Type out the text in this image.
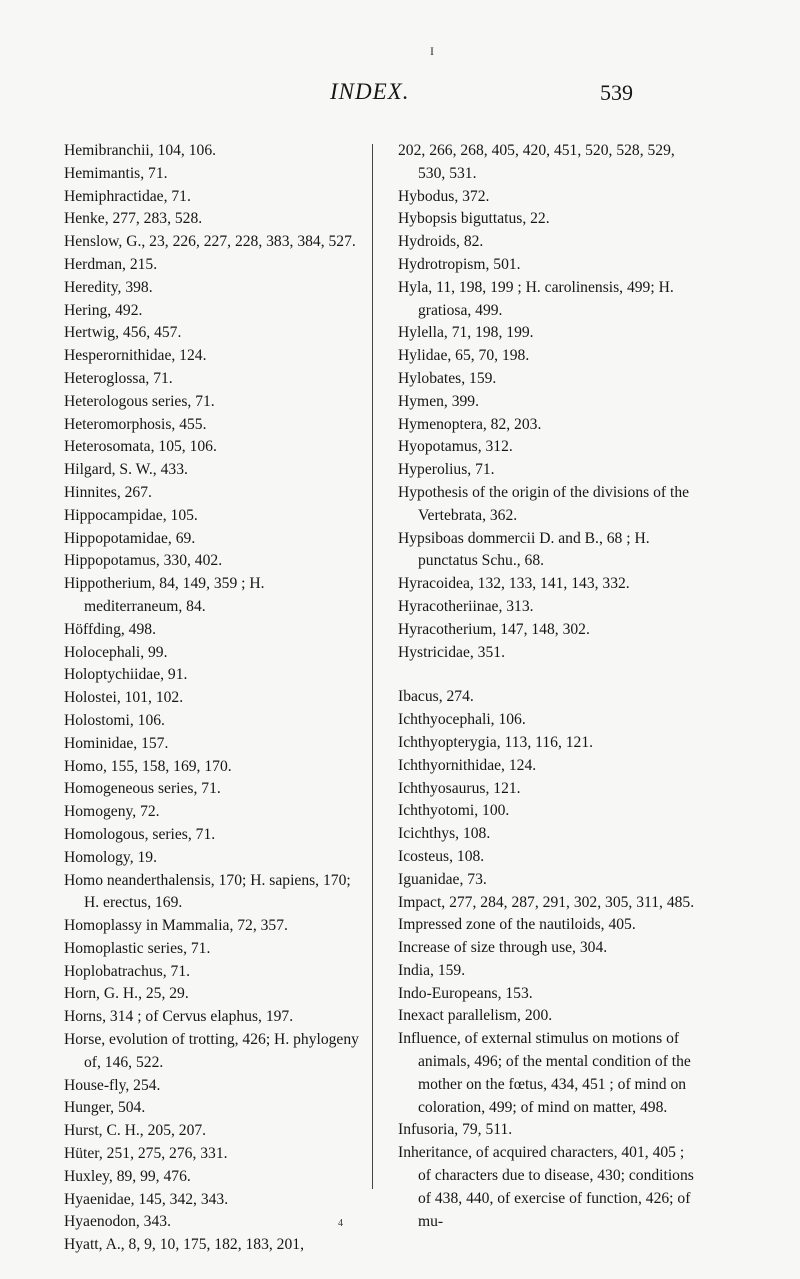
I
INDEX.	539
Hemibranchii, 104, 106.
Hemimantis, 71.
Hemiphractidae, 71.
Henke, 277, 283, 528.
Henslow, G., 23, 226, 227, 228, 383, 384, 527.
Herdman, 215.
Heredity, 398.
Hering, 492.
Hertwig, 456, 457.
Hesperornithidae, 124.
Heteroglossa, 71.
Heterologous series, 71.
Heteromorphosis, 455.
Heterosomata, 105, 106.
Hilgard, S. W., 433.
Hinnites, 267.
Hippocampidae, 105.
Hippopotamidae, 69.
Hippopotamus, 330, 402.
Hippotherium, 84, 149, 359 ; H. mediterraneum, 84.
Höffding, 498.
Holocephali, 99.
Holoptychiidae, 91.
Holostei, 101, 102.
Holostomi, 106.
Hominidae, 157.
Homo, 155, 158, 169, 170.
Homogeneous series, 71.
Homogeny, 72.
Homologous, series, 71.
Homology, 19.
Homo neanderthalensis, 170; H. sapiens, 170; H. erectus, 169.
Homoplassy in Mammalia, 72, 357.
Homoplastic series, 71.
Hoplobatrachus, 71.
Horn, G. H., 25, 29.
Horns, 314 ; of Cervus elaphus, 197.
Horse, evolution of trotting, 426; H. phylogeny of, 146, 522.
House-fly, 254.
Hunger, 504.
Hurst, C. H., 205, 207.
Hüter, 251, 275, 276, 331.
Huxley, 89, 99, 476.
Hyaenidae, 145, 342, 343.
Hyaenodon, 343.
Hyatt, A., 8, 9, 10, 175, 182, 183, 201,
202, 266, 268, 405, 420, 451, 520, 528, 529, 530, 531.
Hybodus, 372.
Hybopsis biguttatus, 22.
Hydroids, 82.
Hydrotropism, 501.
Hyla, 11, 198, 199 ; H. carolinensis, 499; H. gratiosa, 499.
Hylella, 71, 198, 199.
Hylidae, 65, 70, 198.
Hylobates, 159.
Hymen, 399.
Hymenoptera, 82, 203.
Hyopotamus, 312.
Hyperolius, 71.
Hypothesis of the origin of the divisions of the Vertebrata, 362.
Hypsiboas dommercii D. and B., 68 ; H. punctatus Schu., 68.
Hyracoidea, 132, 133, 141, 143, 332.
Hyracotheriinae, 313.
Hyracotherium, 147, 148, 302.
Hystricidae, 351.
Ibacus, 274.
Ichthyocephali, 106.
Ichthyopterygia, 113, 116, 121.
Ichthyornithidae, 124.
Ichthyosaurus, 121.
Ichthyotomi, 100.
Icichthys, 108.
Icosteus, 108.
Iguanidae, 73.
Impact, 277, 284, 287, 291, 302, 305, 311, 485.
Impressed zone of the nautiloids, 405.
Increase of size through use, 304.
India, 159.
Indo-Europeans, 153.
Inexact parallelism, 200.
Influence, of external stimulus on motions of animals, 496; of the mental condition of the mother on the fœtus, 434, 451 ; of mind on coloration, 499; of mind on matter, 498.
Infusoria, 79, 511.
Inheritance, of acquired characters, 401, 405 ; of characters due to disease, 430; conditions of 438, 440, of exercise of function, 426; of mu-
4
